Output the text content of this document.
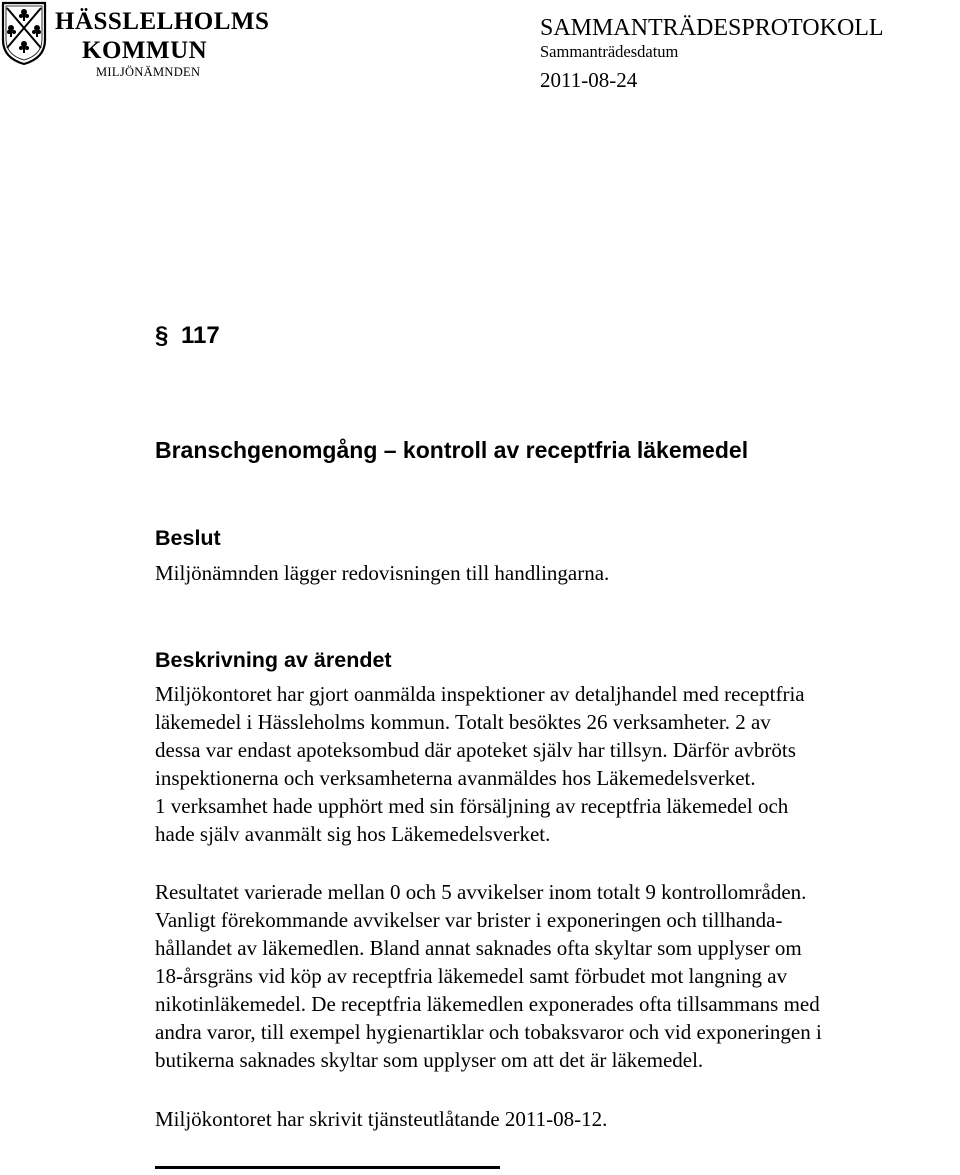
HÄSSLELHOLMS
KOMMUN
MILJÖNÄMNDEN
SAMMANTRÄDESPROTOKOLL
Sammanträdesdatum
2011-08-24
§ 117
Branschgenomgång – kontroll av receptfria läkemedel
Beslut
Miljönämnden lägger redovisningen till handlingarna.
Beskrivning av ärendet
Miljökontoret har gjort oanmälda inspektioner av detaljhandel med receptfria
läkemedel i Hässleholms kommun. Totalt besöktes 26 verksamheter. 2 av
dessa var endast apoteksombud där apoteket själv har tillsyn. Därför avbröts
inspektionerna och verksamheterna avanmäldes hos Läkemedelsverket.
1 verksamhet hade upphört med sin försäljning av receptfria läkemedel och
hade själv avanmält sig hos Läkemedelsverket.
Resultatet varierade mellan 0 och 5 avvikelser inom totalt 9 kontrollområden.
Vanligt förekommande avvikelser var brister i exponeringen och tillhanda-
hållandet av läkemedlen. Bland annat saknades ofta skyltar som upplyser om
18-årsgräns vid köp av receptfria läkemedel samt förbudet mot langning av
nikotinläkemedel. De receptfria läkemedlen exponerades ofta tillsammans med
andra varor, till exempel hygienartiklar och tobaksvaror och vid exponeringen i
butikerna saknades skyltar som upplyser om att det är läkemedel.
Miljökontoret har skrivit tjänsteutlåtande 2011-08-12.
